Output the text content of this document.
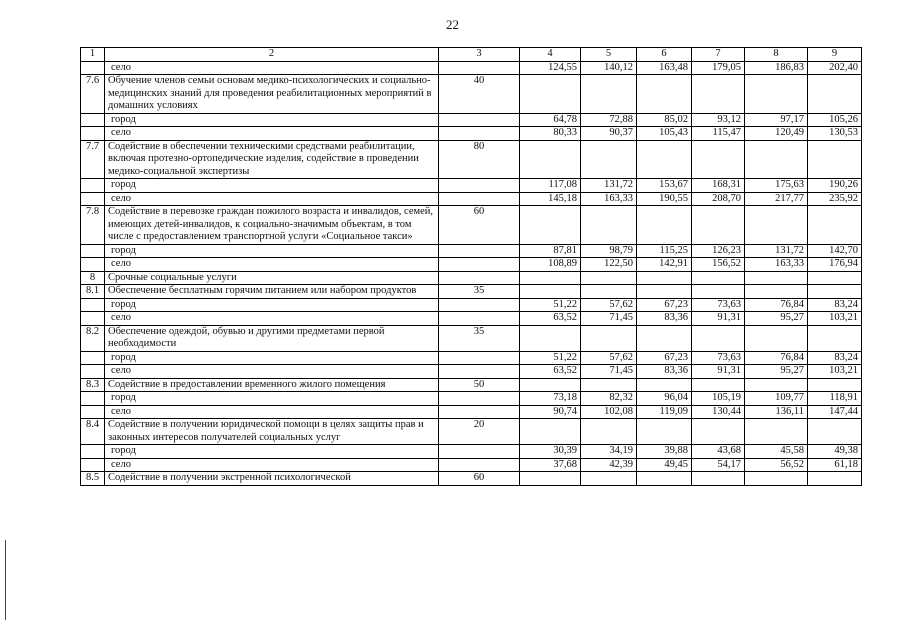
22
1	2	3	4	5	6	7	8	9
	село		124,55	140,12	163,48	179,05	186,83	202,40
7.6	Обучение членов семьи основам медико-психологических и социально-медицинских знаний для проведения реабилитационных мероприятий в домашних условиях	40						
	город		64,78	72,88	85,02	93,12	97,17	105,26
	село		80,33	90,37	105,43	115,47	120,49	130,53
7.7	Содействие в обеспечении техническими средствами реабилитации, включая протезно-ортопедические изделия, содействие в проведении медико-социальной экспертизы	80						
	город		117,08	131,72	153,67	168,31	175,63	190,26
	село		145,18	163,33	190,55	208,70	217,77	235,92
7.8	Содействие в перевозке граждан пожилого возраста и инвалидов, семей, имеющих детей-инвалидов, к социально-значимым объектам, в том числе с предоставлением транспортной услуги «Социальное такси»	60						
	город		87,81	98,79	115,25	126,23	131,72	142,70
	село		108,89	122,50	142,91	156,52	163,33	176,94
8	Срочные социальные услуги							
8.1	Обеспечение бесплатным горячим питанием или набором продуктов	35						
	город		51,22	57,62	67,23	73,63	76,84	83,24
	село		63,52	71,45	83,36	91,31	95,27	103,21
8.2	Обеспечение одеждой, обувью и другими предметами первой необходимости	35						
	город		51,22	57,62	67,23	73,63	76,84	83,24
	село		63,52	71,45	83,36	91,31	95,27	103,21
8.3	Содействие в предоставлении временного жилого помещения	50						
	город		73,18	82,32	96,04	105,19	109,77	118,91
	село		90,74	102,08	119,09	130,44	136,11	147,44
8.4	Содействие в получении юридической помощи в целях защиты прав и законных интересов получателей социальных услуг	20						
	город		30,39	34,19	39,88	43,68	45,58	49,38
	село		37,68	42,39	49,45	54,17	56,52	61,18
8.5	Содействие в получении экстренной психологической	60						
